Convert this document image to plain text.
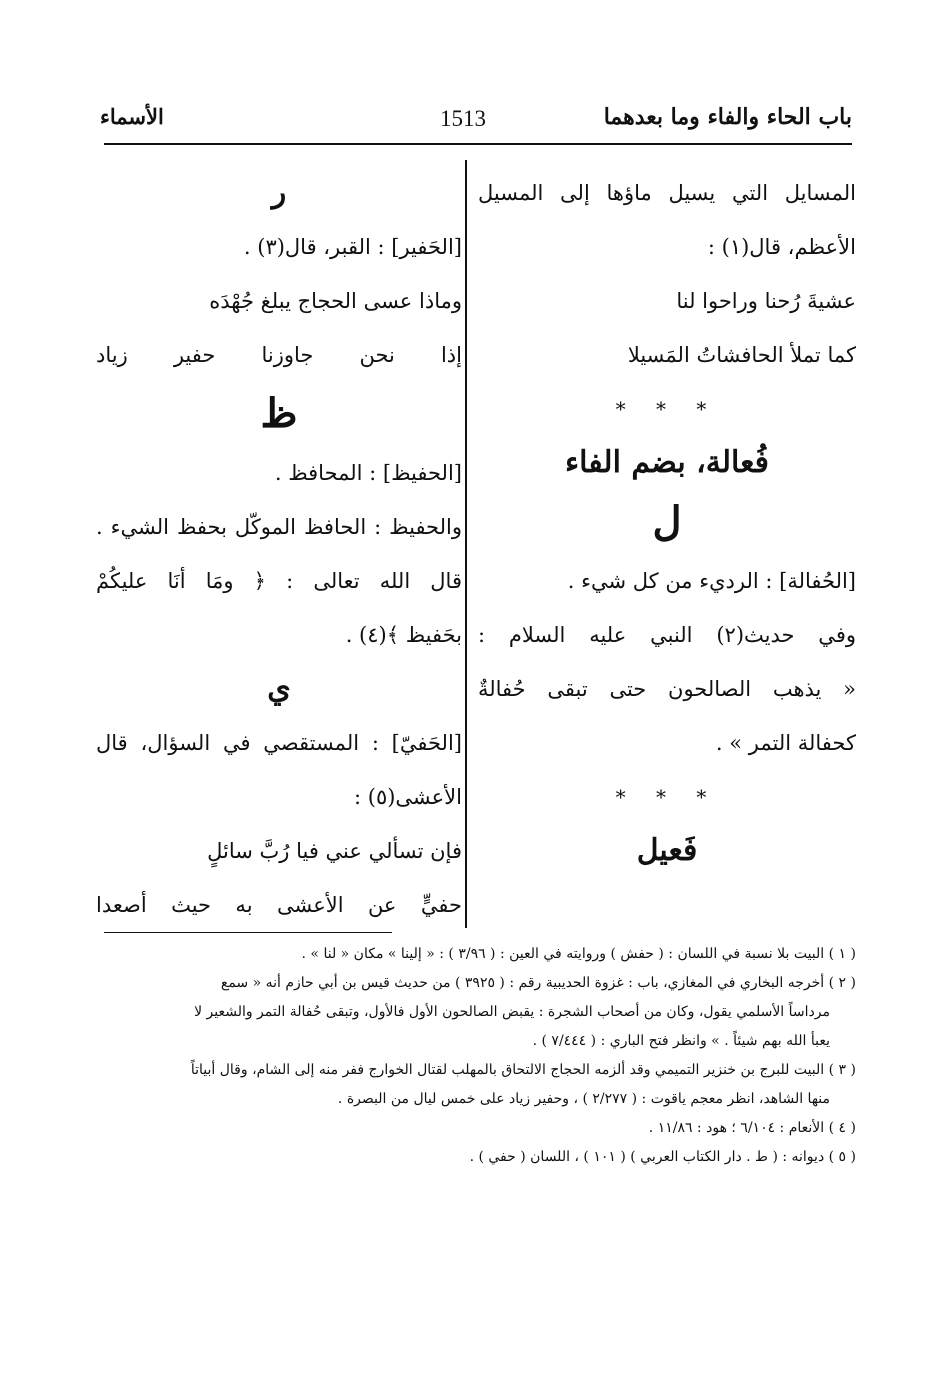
باب الحاء والفاء وما بعدهما
1513
الأسماء
المسايل التي يسيل ماؤها إلى المسيل
الأعظم، قال(١) :
عشيةَ رُحنا وراحوا لنا
كما تملأ الحافشاتُ المَسيلا
* * *
فُعالة، بضم الفاء
ل
[الحُفالة] : الرديء من كل شيء .
وفي حديث(٢) النبي عليه السلام :
« يذهب الصالحون حتى تبقى حُفالةٌ
كحفالة التمر » .
* * *
فَعيل
ر
[الحَفير] : القبر، قال(٣) .
وماذا عسى الحجاج يبلغ جُهْدَه
إذا نحن جاوزنا حفير زياد
ظ
[الحفيظ] : المحافظ .
والحفيظ : الحافظ الموكّل بحفظ الشيء .
قال الله تعالى : ﴿ ومَا أنَا عليكُمْ
بحَفيظ ﴾(٤) .
ي
[الحَفيّ] : المستقصي في السؤال، قال
الأعشى(٥) :
فإن تسألي عني فيا رُبَّ سائلٍ
حفيٍّ عن الأعشى به حيث أصعدا
( ١ ) البيت بلا نسبة في اللسان : ( حفش ) وروايته في العين : ( ٣/٩٦ ) : « إلينا » مكان « لنا » .
( ٢ ) أخرجه البخاري في المغازي، باب : غزوة الحديبية رقم : ( ٣٩٢٥ ) من حديث قيس بن أبي حازم أنه « سمع
مرداساً الأسلمي يقول، وكان من أصحاب الشجرة : يقبض الصالحون الأول فالأول، وتبقى حُفالة التمر والشعير لا
يعبأ الله بهم شيئاً . » وانظر فتح الباري : ( ٧/٤٤٤ ) .
( ٣ ) البيت للبرج بن خنزير التميمي وقد ألزمه الحجاج الالتحاق بالمهلب لقتال الخوارج ففر منه إلى الشام، وقال أبياتاً
منها الشاهد، انظر معجم ياقوت : ( ٢/٢٧٧ ) ، وحفير زياد على خمس ليال من البصرة .
( ٤ ) الأنعام : ٦/١٠٤ ؛ هود : ١١/٨٦ .
( ٥ ) ديوانه : ( ط . دار الكتاب العربي ) ( ١٠١ ) ، اللسان ( حفي ) .
